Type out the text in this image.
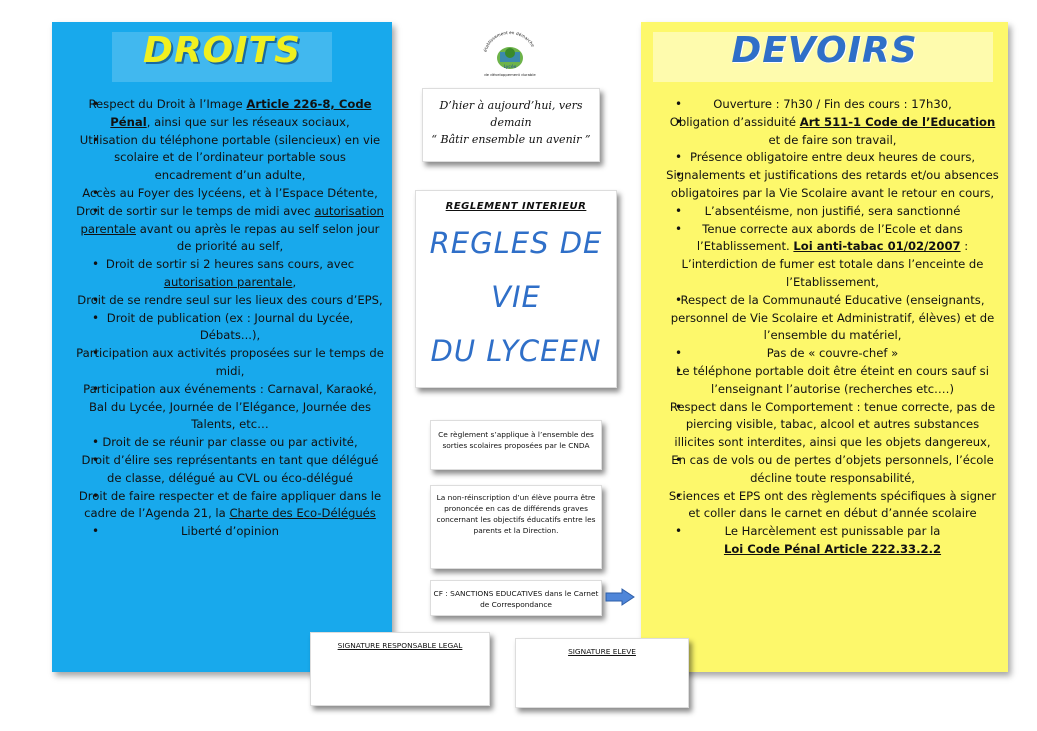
DROITS
• Respect du Droit à l’Image Article 226-8, Code Pénal, ainsi que sur les réseaux sociaux,
• Utilisation du téléphone portable (silencieux) en vie scolaire et de l’ordinateur portable sous encadrement d’un adulte,
• Accès au Foyer des lycéens, et à l’Espace Détente,
• Droit de sortir sur le temps de midi avec autorisation parentale avant ou après le repas au self selon jour de priorité au self,
• Droit de sortir si 2 heures sans cours, avec autorisation parentale,
• Droit de se rendre seul sur les lieux des cours d’EPS,
• Droit de publication (ex : Journal du Lycée, Débats...),
• Participation aux activités proposées sur le temps de midi,
• Participation aux événements : Carnaval, Karaoké, Bal du Lycée, Journée de l’Elégance, Journée des Talents, etc…
• Droit de se réunir par classe ou par activité,
• Droit d’élire ses représentants en tant que délégué de classe, délégué au CVL ou éco-délégué
• Droit de faire respecter et de faire appliquer dans le cadre de l’Agenda 21, la Charte des Eco-Délégués
• Liberté d’opinion
DEVOIRS
• Ouverture : 7h30 / Fin des cours : 17h30,
• Obligation d’assiduité Art 511-1 Code de l’Education et de faire son travail,
• Présence obligatoire entre deux heures de cours,
• Signalements et justifications des retards et/ou absences obligatoires par la Vie Scolaire avant le retour en cours,
• L’absentéisme, non justifié, sera sanctionné
• Tenue correcte aux abords de l’Ecole et dans l’Etablissement. Loi anti-tabac 01/02/2007 : L’interdiction de fumer est totale dans l’enceinte de l’Etablissement,
• Respect de la Communauté Educative (enseignants, personnel de Vie Scolaire et Administratif, élèves) et de l’ensemble du matériel,
• Pas de « couvre-chef »
• Le téléphone portable doit être éteint en cours sauf si l’enseignant l’autorise (recherches etc.…)
• Respect dans le Comportement : tenue correcte, pas de piercing visible, tabac, alcool et autres substances illicites sont interdites, ainsi que les objets dangereux,
• En cas de vols ou de pertes d’objets personnels, l’école décline toute responsabilité,
• Sciences et EPS ont des règlements spécifiques à signer et coller dans le carnet en début d’année scolaire
• Le Harcèlement est punissable par la
Loi Code Pénal Article 222.33.2.2
établissement en démarche
Lycée
de développement durable
D’hier à aujourd’hui, vers demain
“ Bâtir ensemble un avenir ”
REGLEMENT INTERIEUR
REGLES DE
VIE
DU LYCEEN
Ce règlement s’applique à l’ensemble des sorties scolaires proposées par le CNDA
La non-réinscription d’un élève pourra être prononcée en cas de différends graves concernant les objectifs éducatifs entre les parents et la Direction.
CF : SANCTIONS EDUCATIVES dans le Carnet de Correspondance
SIGNATURE RESPONSABLE LEGAL
SIGNATURE ELEVE
